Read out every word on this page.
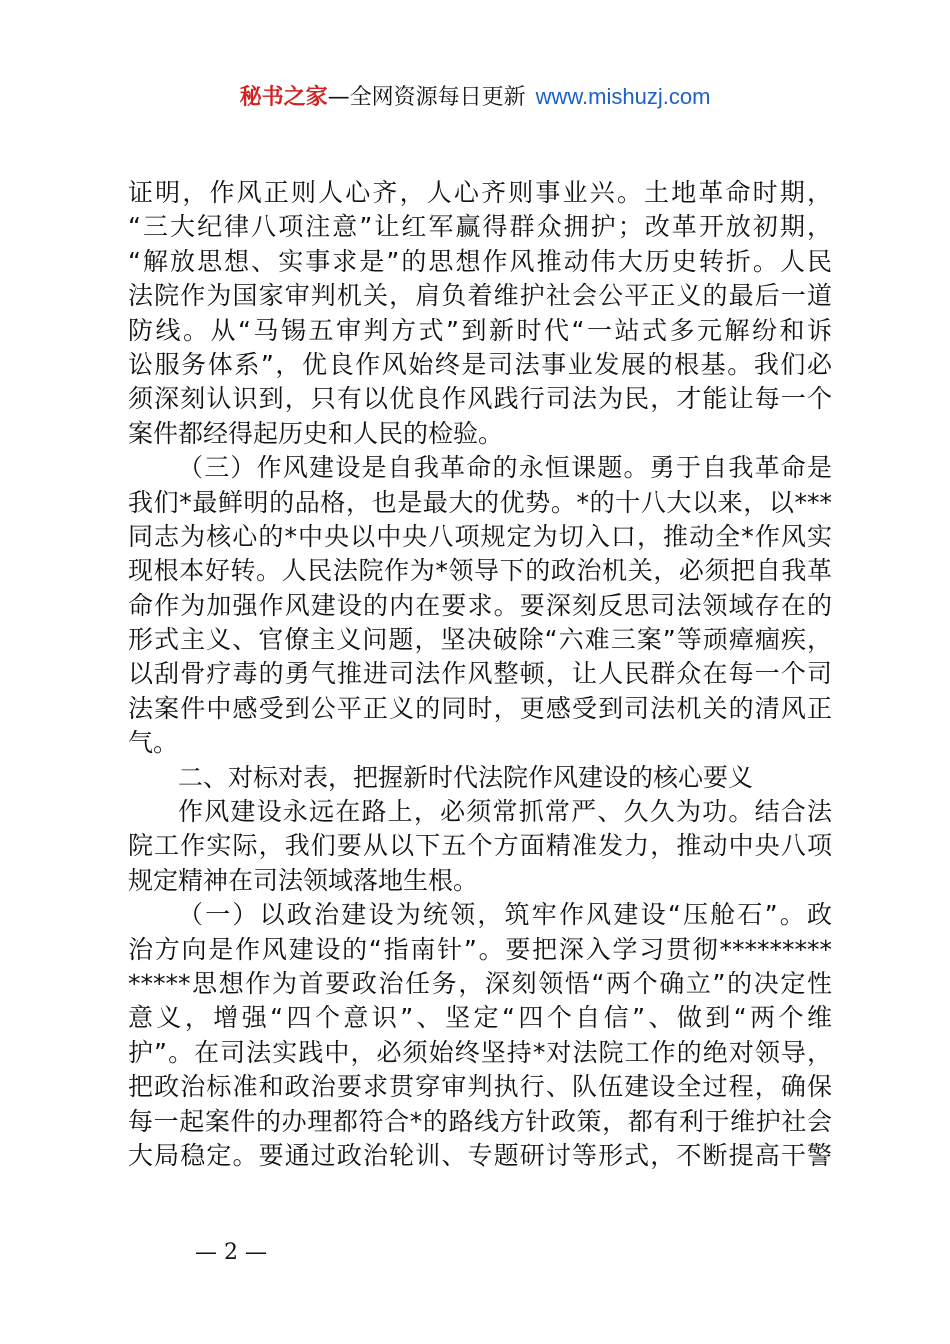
秘书之家—全网资源每日更新 www.mishuzj.com
证明，作风正则人心齐，人心齐则事业兴。土地革命时期，
“三大纪律八项注意”让红军赢得群众拥护；改革开放初期，
“解放思想、实事求是”的思想作风推动伟大历史转折。人民
法院作为国家审判机关，肩负着维护社会公平正义的最后一道
防线。从“马锡五审判方式”到新时代“一站式多元解纷和诉
讼服务体系”，优良作风始终是司法事业发展的根基。我们必
须深刻认识到，只有以优良作风践行司法为民，才能让每一个
案件都经得起历史和人民的检验。
（三）作风建设是自我革命的永恒课题。勇于自我革命是
我们*最鲜明的品格，也是最大的优势。*的十八大以来，以***
同志为核心的*中央以中央八项规定为切入口，推动全*作风实
现根本好转。人民法院作为*领导下的政治机关，必须把自我革
命作为加强作风建设的内在要求。要深刻反思司法领域存在的
形式主义、官僚主义问题，坚决破除“六难三案”等顽瘴痼疾，
以刮骨疗毒的勇气推进司法作风整顿，让人民群众在每一个司
法案件中感受到公平正义的同时，更感受到司法机关的清风正
气。
二、对标对表，把握新时代法院作风建设的核心要义
作风建设永远在路上，必须常抓常严、久久为功。结合法
院工作实际，我们要从以下五个方面精准发力，推动中央八项
规定精神在司法领域落地生根。
（一）以政治建设为统领，筑牢作风建设“压舱石”。政
治方向是作风建设的“指南针”。要把深入学习贯彻*********
*****思想作为首要政治任务，深刻领悟“两个确立”的决定性
意义，增强“四个意识”、坚定“四个自信”、做到“两个维
护”。在司法实践中，必须始终坚持*对法院工作的绝对领导，
把政治标准和政治要求贯穿审判执行、队伍建设全过程，确保
每一起案件的办理都符合*的路线方针政策，都有利于维护社会
大局稳定。要通过政治轮训、专题研讨等形式，不断提高干警
— 2 —
